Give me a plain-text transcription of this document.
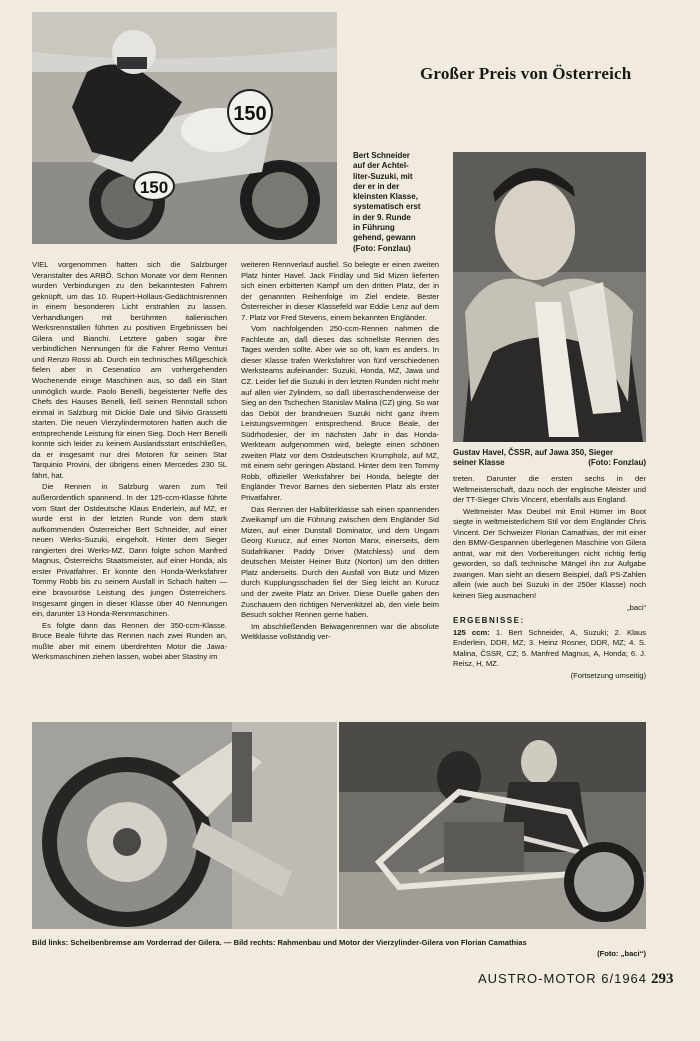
150
150
Großer Preis von Österreich
Bert Schneider
auf der Achtel-
liter-Suzuki, mit
der er in der
kleinsten Klasse,
systematisch erst
in der 9. Runde
in Führung
gehend, gewann
(Foto: Fonzlau)
Gustav Havel, ČSSR, auf Jawa 350, Sieger
seiner Klasse	(Foto: Fonzlau)

VIEL vorgenommen hatten sich die Salzburger Veranstalter des ARBÖ. Schon Monate vor dem Rennen wurden Verbindungen zu den bekanntesten Fahrern geknüpft, um das 10. Rupert-Hollaus-Gedächtnisrennen in einem besonderen Licht erstrahlen zu lassen. Verhandlungen mit berühmten italienischen Werksrennställen führten zu positiven Ergebnissen bei Gilera und Bianchi. Letztere gaben sogar ihre verbindlichen Nennungen für die Fahrer Remo Venturi und Renzo Rossi ab. Durch ein technisches Mißgeschick fielen aber in Cesenatico am vorhergehenden Wochenende einige Maschinen aus, so daß ein Start unmöglich wurde. Paolo Benelli, begeisterter Neffe des Chefs des Hauses Benelli, ließ seinen Rennstall schon einmal in Salzburg mit Dickie Dale und Silvio Grassetti starten. Die neuen Vierzylindermotoren hatten auch die entsprechende Leistung für einen Sieg. Doch Herr Benelli konnte sich leider zu keinem Auslandsstart entschließen, da er insgesamt nur drei Motoren für seinen Star Tarquinio Provini, der übrigens einen Mercedes 230 SL fährt, hat.

Die Rennen in Salzburg waren zum Teil außerordentlich spannend. In der 125-ccm-Klasse führte vom Start der Ostdeutsche Klaus Enderlein, auf MZ, er wurde erst in der letzten Runde von dem stark aufkommenden Österreicher Bert Schneider, auf einer neuen Werks-Suzuki, eingeholt. Hinter dem Sieger rangierten drei Werks-MZ. Dann folgte schon Manfred Magnus, Österreichs Staatsmeister, auf einer Honda, als erster Privatfahrer. Er konnte den Honda-Werksfahrer Tommy Robb bis zu seinem Ausfall in Schach halten — eine bravouröse Leistung des jungen Österreichers. Insgesamt gingen in dieser Klasse über 40 Nennungen ein, darunter 13 Honda-Rennmaschinen.

Es folgte dann das Rennen der 350-ccm-Klasse. Bruce Beale führte das Rennen nach zwei Runden an, mußte aber mit einem überdrehten Motor die Jawa-Werksmaschinen ziehen lassen, wobei aber Stastny im

weiteren Rennverlauf ausfiel. So belegte er einen zweiten Platz hinter Havel. Jack Findlay und Sid Mizen lieferten sich einen erbitterten Kampf um den dritten Platz, der in der genannten Reihenfolge im Ziel endete. Bester Österreicher in dieser Klassefeld war Eddie Lenz auf dem 7. Platz vor Fred Stevens, einem bekannten Engländer.

Vom nachfolgenden 250-ccm-Rennen nahmen die Fachleute an, daß dieses das schnellste Rennen des Tages werden sollte. Aber wie so oft, kam es anders. In dieser Klasse trafen Werksfahrer von fünf verschiedenen Werksteams aufeinander: Suzuki, Honda, MZ, Jawa und CZ. Leider lief die Suzuki in den letzten Runden nicht mehr auf allen vier Zylindern, so daß überraschenderweise der Sieg an den Tschechen Stanislav Malina (CZ) ging. So war das Debüt der brandneuen Suzuki nicht ganz ihrem Leistungsvermögen entsprechend. Bruce Beale, der Südrhodesier, der im nächsten Jahr in das Honda-Werkteam aufgenommen wird, belegte einen schönen zweiten Platz vor dem Ostdeutschen Krumpholz, auf MZ, mit einem sehr geringen Abstand. Hinter dem Iren Tommy Robb, offizieller Werksfahrer bei Honda, belegte der Engländer Trevor Barnes den siebenten Platz als erster Privatfahrer.

Das Rennen der Halbliterklasse sah einen spannenden Zweikampf um die Führung zwischen dem Engländer Sid Mizen, auf einer Dunstall Dominator, und dem Ungarn Georg Kurucz, auf einer Norton Manx, einerseits, dem Südafrikaner Paddy Driver (Matchless) und dem deutschen Meister Heiner Butz (Norton) um den dritten Platz anderseits. Durch den Ausfall von Butz und Mizen durch Kupplungsschaden fiel der Sieg leicht an Kurucz und der zweite Platz an Driver. Diese Duelle gaben den Zuschauern den richtigen Nervenkitzel ab, den viele beim Besuch solcher Rennen gerne haben.

Im abschließenden Beiwagenrennen war die absolute Weltklasse vollständig ver-

treten. Darunter die ersten sechs in der Weltmeisterschaft, dazu noch der englische Meister und der TT-Sieger Chris Vincent, ebenfalls aus England.

Weltmeister Max Deubel mit Emil Hörner im Boot siegte in weltmeisterlichem Stil vor dem Engländer Chris Vincent. Der Schweizer Florian Camathias, der mit einer den BMW-Gespannen überlegenen Maschine von Gilera antrat, war mit den Vorbereitungen nicht richtig fertig geworden, so daß technische Mängel ihn zur Aufgabe zwangen. Man sieht an diesem Beispiel, daß PS-Zahlen allein (wie auch bei Suzuki in der 250er Klasse) noch keinen Sieg ausmachen!

„baci“
ERGEBNISSE:

125 ccm: 1. Bert Schneider, A, Suzuki; 2. Klaus Enderlein, DDR, MZ; 3. Heinz Rosner, DDR, MZ; 4. S. Malina, ČSSR, CZ; 5. Manfred Magnus, A, Honda; 6. J. Reisz, H, MZ.

(Fortsetzung umseitig)
Bild links: Scheibenbremse am Vorderrad der Gilera. — Bild rechts: Rahmenbau und Motor der Vierzylinder-Gilera von Florian Camathias
(Foto: „baci“)
AUSTRO-MOTOR 6/1964 293
